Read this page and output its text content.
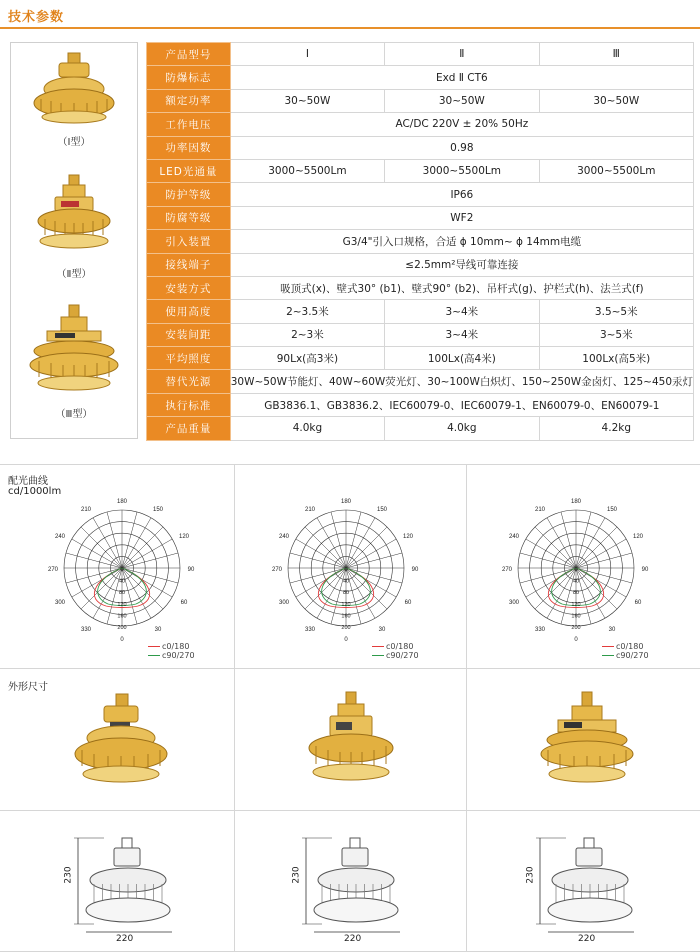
技术参数
（Ⅰ型）
（Ⅱ型）
（Ⅲ型）
产品型号	Ⅰ	Ⅱ	Ⅲ
防爆标志	Exd Ⅱ CT6		
额定功率	30~50W	30~50W	30~50W
工作电压	AC/DC 220V ± 20% 50Hz		
功率因数	0.98		
LED光通量	3000~5500Lm	3000~5500Lm	3000~5500Lm
防护等级	IP66		
防腐等级	WF2		
引入装置	G3/4"引入口规格，合适 ϕ 10mm~ ϕ 14mm电缆		
接线端子	≤2.5mm²导线可靠连接		
安装方式	吸顶式(x)、壁式30° (b1)、壁式90° (b2)、吊杆式(g)、护栏式(h)、法兰式(f)		
使用高度	2~3.5米	3~4米	3.5~5米
安装间距	2~3米	3~4米	3~5米
平均照度	90Lx(高3米)	100Lx(高4米)	100Lx(高5米)
替代光源	30W~50W节能灯、40W~60W荧光灯、30~100W白炽灯、150~250W金卤灯、125~450汞灯		
执行标准	GB3836.1、GB3836.2、IEC60079-0、IEC60079-1、EN60079-0、EN60079-1		
产品重量	4.0kg	4.0kg	4.2kg
配光曲线
cd/1000lm
180
150
120
90
60
30
0
330
300
270
240
210
0
40
80
120
160
200
c0/180
c90/270
180
150
120
90
60
30
0
330
300
270
240
210
0
40
80
120
160
200
c0/180
c90/270
180
150
120
90
60
30
0
330
300
270
240
210
0
40
80
120
160
200
c0/180
c90/270
外形尺寸
230
220
230
220
230
220
